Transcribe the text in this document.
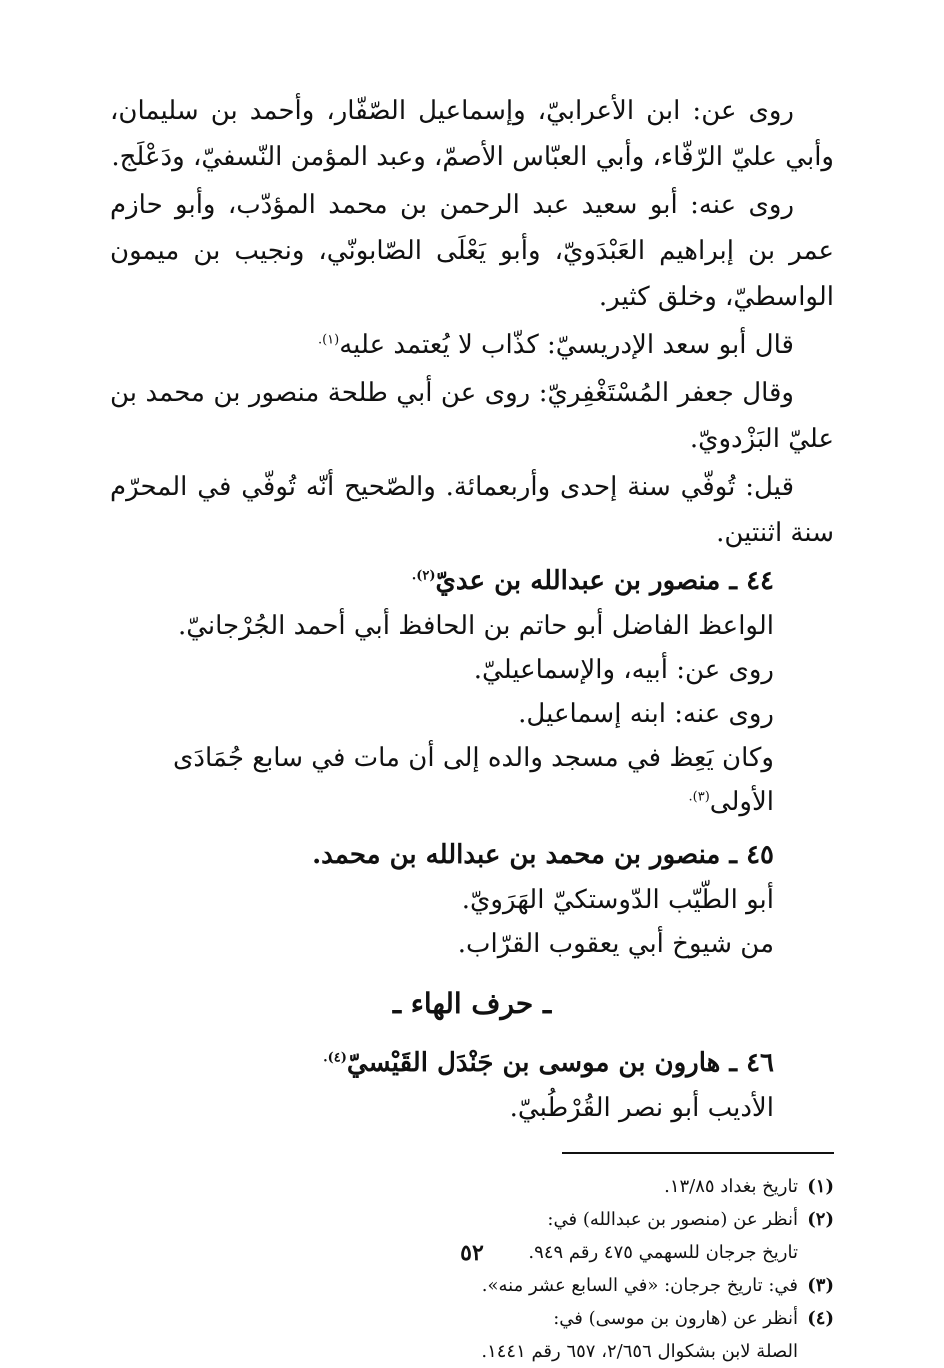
روى عن: ابن الأعرابيّ، وإسماعيل الصّفّار، وأحمد بن سليمان، وأبي عليّ الرّفّاء، وأبي العبّاس الأصمّ، وعبد المؤمن النّسفيّ، ودَعْلَج.

روى عنه: أبو سعيد عبد الرحمن بن محمد المؤدّب، وأبو حازم عمر بن إبراهيم العَبْدَويّ، وأبو يَعْلَى الصّابونّي، ونجيب بن ميمون الواسطيّ، وخلق كثير.

قال أبو سعد الإدريسيّ: كذّاب لا يُعتمد عليه$^{(١).}$

وقال جعفر المُسْتَغْفِريّ: روى عن أبي طلحة منصور بن محمد بن عليّ البَزْدويّ.

قيل: تُوفّي سنة إحدى وأربعمائة. والصّحيح أنّه تُوفّي في المحرّم سنة اثنتين.

٤٤ ـ منصور بن عبدالله بن عديّ$^{(٢).}$

الواعظ الفاضل أبو حاتم بن الحافظ أبي أحمد الجُرْجانيّ.

روى عن: أبيه، والإسماعيليّ.

روى عنه: ابنه إسماعيل.

وكان يَعِظ في مسجد والده إلى أن مات في سابع جُمَادَى الأولى$^{(٣).}$

٤٥ ـ منصور بن محمد بن عبدالله بن محمد.

أبو الطّيّب الدّوستكيّ الهَرَويّ.

من شيوخ أبي يعقوب القرّاب.

ـ حرف الهاء ـ

٤٦ ـ هارون بن موسى بن جَنْدَل القَيْسيّ$^{(٤).}$

الأديب أبو نصر القُرْطُبيّ.

(١)
تاريخ بغداد ١٣/٨٥.
(٢)
أنظر عن (منصور بن عبدالله) في:
تاريخ جرجان للسهمي ٤٧٥ رقم ٩٤٩.
(٣)
في: تاريخ جرجان: «في السابع عشر منه».
(٤)
أنظر عن (هارون بن موسى) في:
الصلة لابن بشكوال ٢/٦٥٦، ٦٥٧ رقم ١٤٤١.
٥٢
